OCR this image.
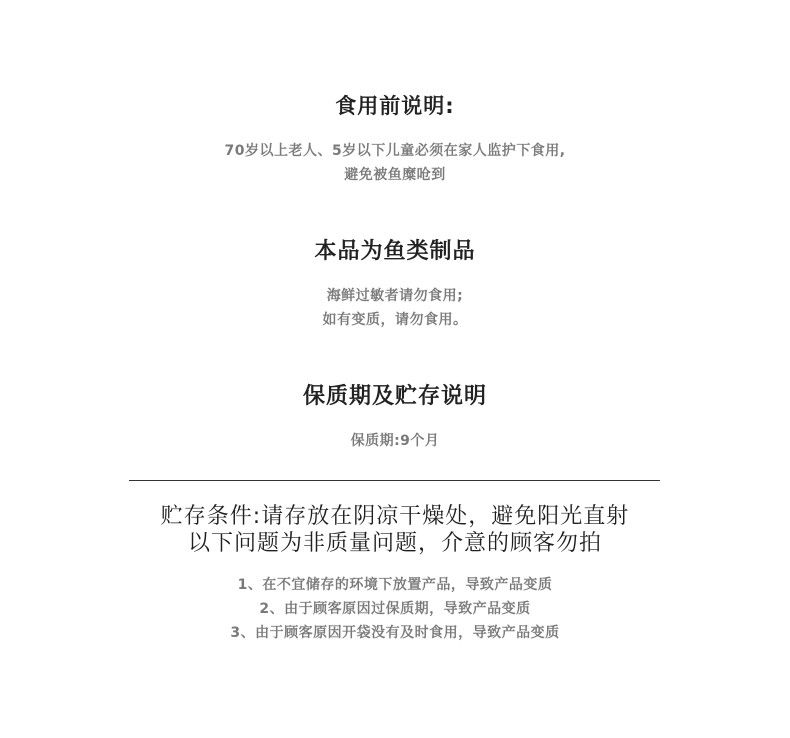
食用前说明:
70岁以上老人、5岁以下儿童必须在家人监护下食用,
避免被鱼糜呛到
本品为鱼类制品
海鲜过敏者请勿食用;
如有变质，请勿食用。
保质期及贮存说明
保质期:9个月
贮存条件:请存放在阴凉干燥处，避免阳光直射
以下问题为非质量问题，介意的顾客勿拍
1、在不宜储存的环境下放置产品，导致产品变质
2、由于顾客原因过保质期，导致产品变质
3、由于顾客原因开袋没有及时食用，导致产品变质
